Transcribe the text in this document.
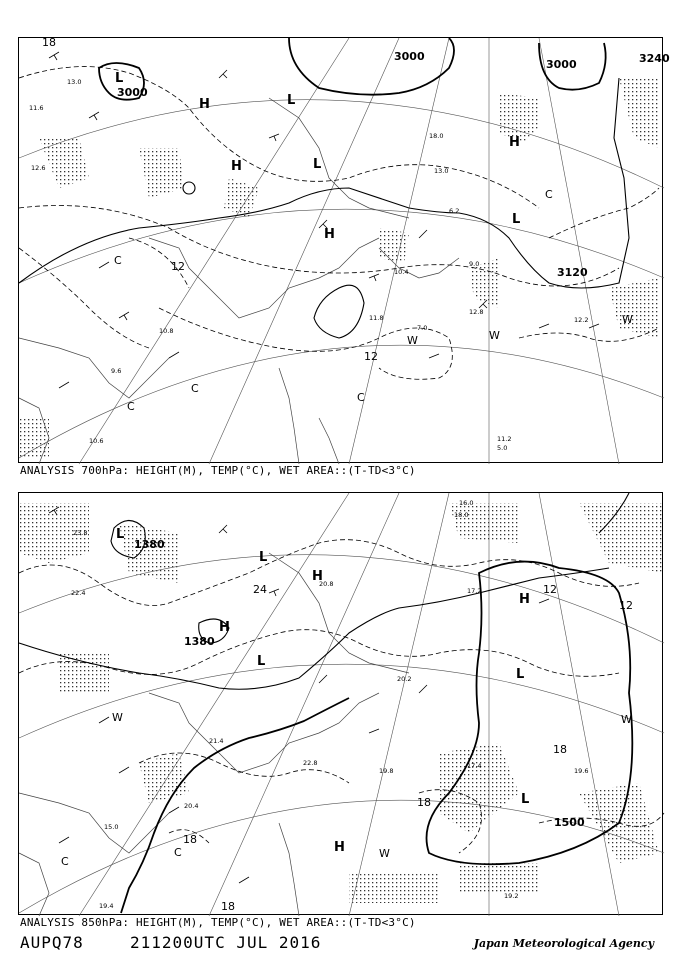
3000
3000
3000
3120
3240
L
L
L
L
H
H
H
H
12
12
C
C
C
C
C
W	W
W
18
13.0
11.6
12.6
10.8
9.6
10.6	11.2
12.8
11.8
9.0
12.2
18.0
13.0
6.2
10.4
7.0
5.0
ANALYSIS 700hPa: HEIGHT(M), TEMP(°C), WET AREA::(T-TD<3°C)
1380
1380
1500
L
L
L
L
L
H
H
H
H
24
18
18
18
18
12
12
C
C
W
W
W
23.8
22.4
20.8
19.8
17.2
16.0
20.4
19.4
19.6
19.2
18.0
15.0
21.4
22.8	17.4
20.2
ANALYSIS 850hPa: HEIGHT(M), TEMP(°C), WET AREA::(T-TD<3°C)
AUPQ78	211200UTC JUL 2016	Japan Meteorological Agency
